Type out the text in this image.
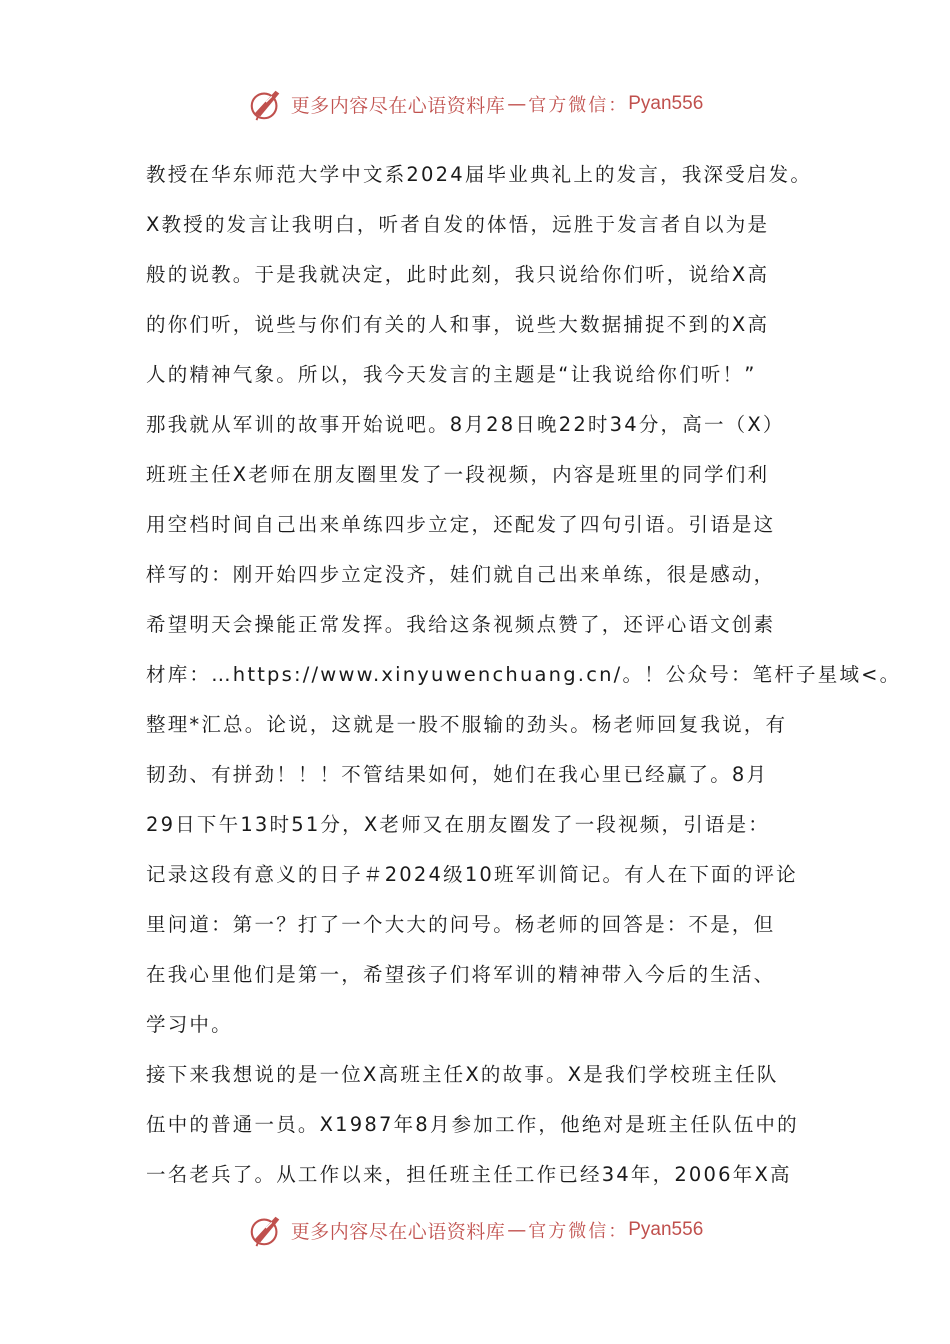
更多内容尽在心语资料库 — 官方微信： Pyan556
教授在华东师范大学中文系2024届毕业典礼上的发言，我深受启发。
X教授的发言让我明白，听者自发的体悟，远胜于发言者自以为是
般的说教。于是我就决定，此时此刻，我只说给你们听，说给X高
的你们听，说些与你们有关的人和事，说些大数据捕捉不到的X高
人的精神气象。所以，我今天发言的主题是“让我说给你们听！”
那我就从军训的故事开始说吧。8月28日晚22时34分，高一（X）
班班主任X老师在朋友圈里发了一段视频，内容是班里的同学们利
用空档时间自己出来单练四步立定，还配发了四句引语。引语是这
样写的：刚开始四步立定没齐，娃们就自己出来单练，很是感动，
希望明天会操能正常发挥。我给这条视频点赞了，还评心语文创素
材库：…https://www.xinyuwenchuang.cn/。！公众号：笔杆子星域<。
整理*汇总。论说，这就是一股不服输的劲头。杨老师回复我说，有
韧劲、有拼劲！！！不管结果如何，她们在我心里已经赢了。8月
29日下午13时51分，X老师又在朋友圈发了一段视频，引语是：
记录这段有意义的日子＃2024级10班军训简记。有人在下面的评论
里问道：第一？打了一个大大的问号。杨老师的回答是：不是，但
在我心里他们是第一，希望孩子们将军训的精神带入今后的生活、
学习中。
接下来我想说的是一位X高班主任X的故事。X是我们学校班主任队
伍中的普通一员。X1987年8月参加工作，他绝对是班主任队伍中的
一名老兵了。从工作以来，担任班主任工作已经34年，2006年X高
更多内容尽在心语资料库 — 官方微信： Pyan556
